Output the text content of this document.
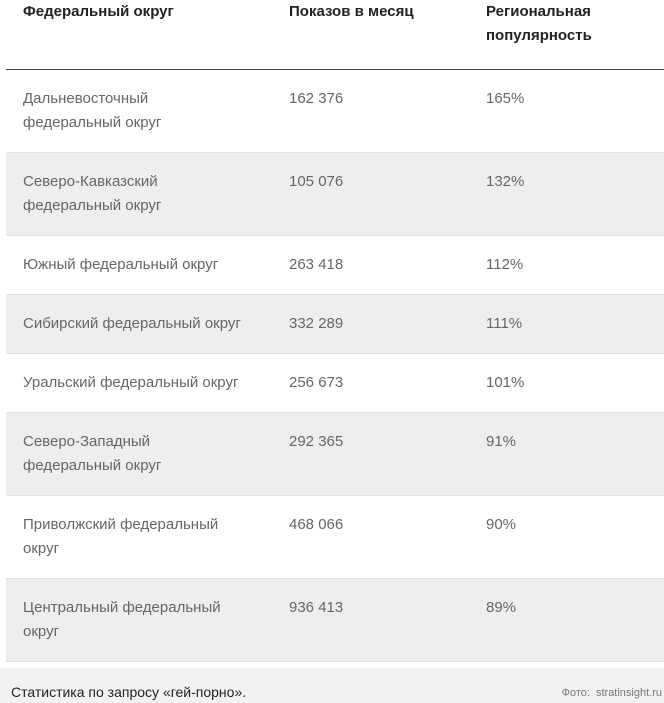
Федеральный округ	Показов в месяц	Региональная
популярность
Дальневосточный
федеральный округ
162 376	165%
Северо-Кавказский
федеральный округ
105 076	132%
Южный федеральный округ	263 418	112%
Сибирский федеральный округ	332 289	111%
Уральский федеральный округ	256 673	101%
Северо-Западный
федеральный округ
292 365	91%
Приволжский федеральный
округ
468 066	90%
Центральный федеральный
округ
936 413	89%
Статистика по запросу «гей-порно».	Фото: stratinsight.ru
